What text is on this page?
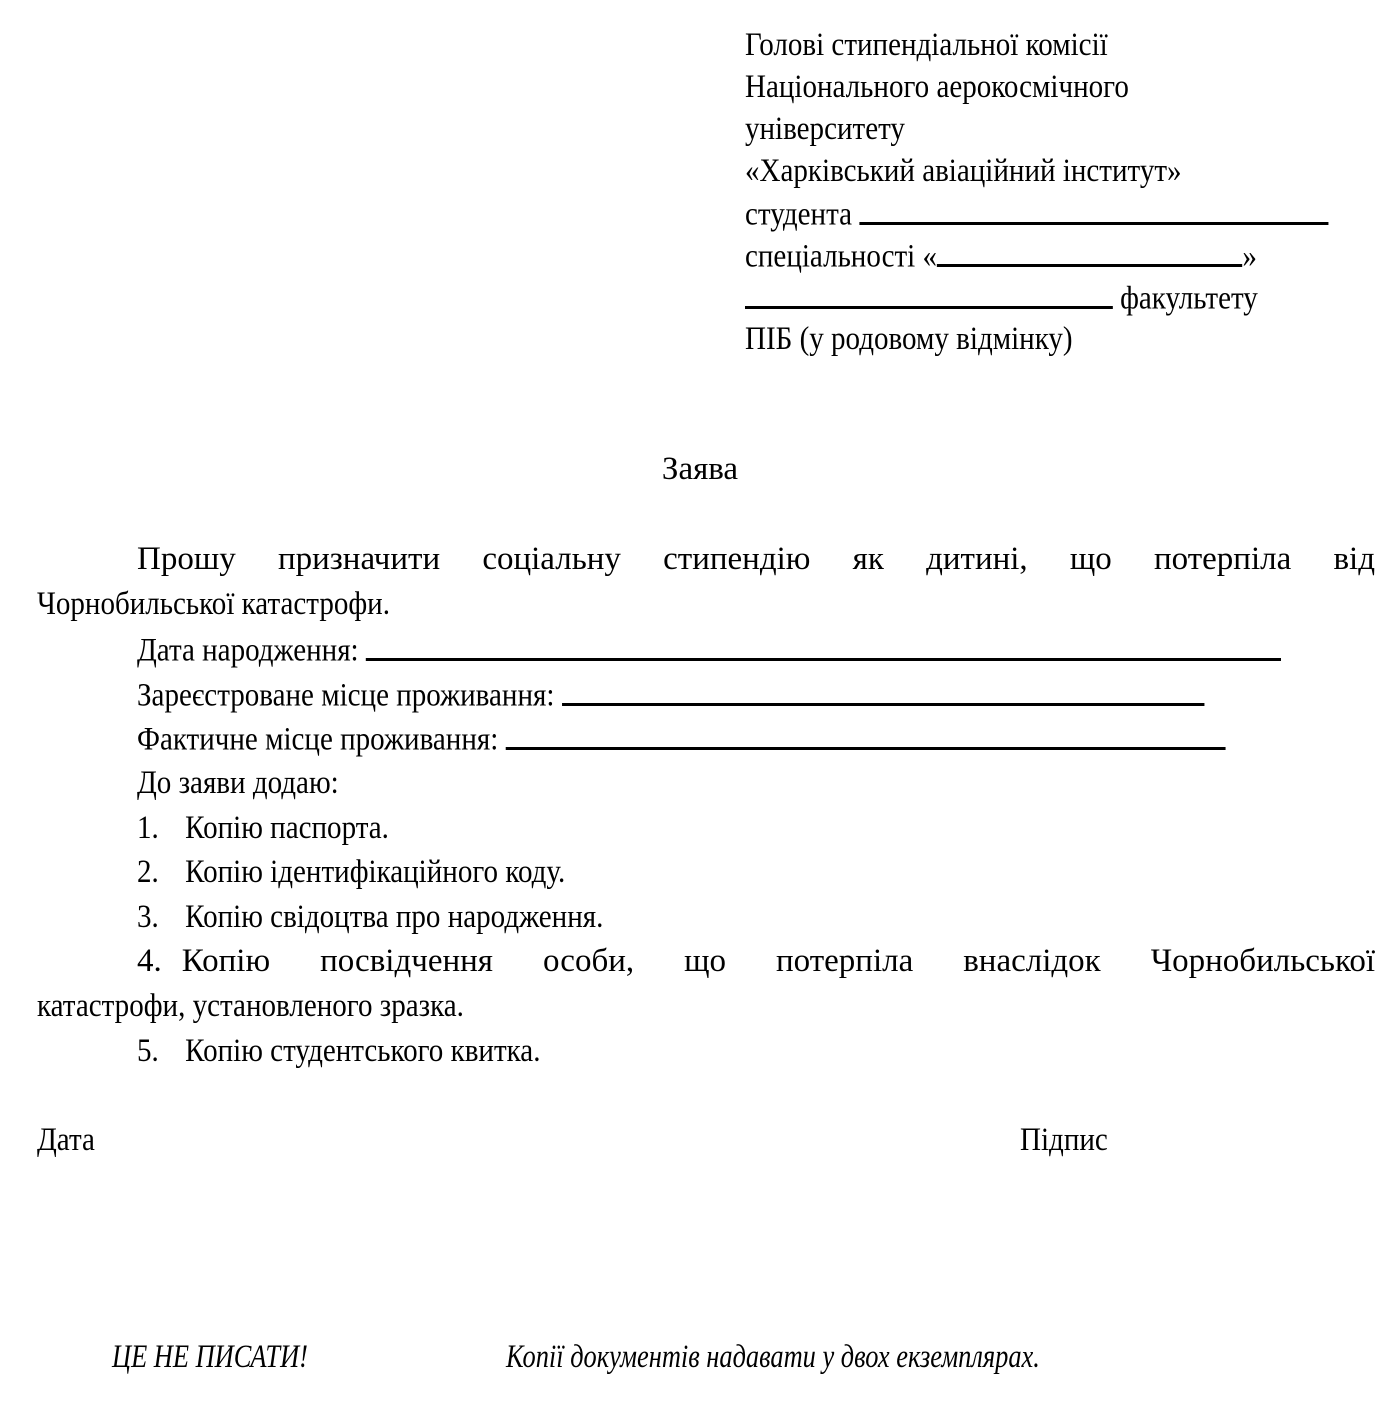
Голові стипендіальної комісії
Національного аерокосмічного
університету
«Харківський авіаційний інститут»
студента
спеціальності «	»
факультету
ПІБ (у родовому відмінку)
Заява
Прошу призначити соціальну стипендію як дитині, що потерпіла від
Чорнобильської катастрофи.
Дата народження:
Зареєстроване місце проживання:
Фактичне місце проживання:
До заяви додаю:
1. Копію паспорта.
2. Копію ідентифікаційного коду.
3. Копію свідоцтва про народження.
4. Копію посвідчення особи, що потерпіла внаслідок Чорнобильської
катастрофи, установленого зразка.
5. Копію студентського квитка.
Дата	Підпис
ЦЕ НЕ ПИСАТИ!	Копії документів надавати у двох екземплярах.
